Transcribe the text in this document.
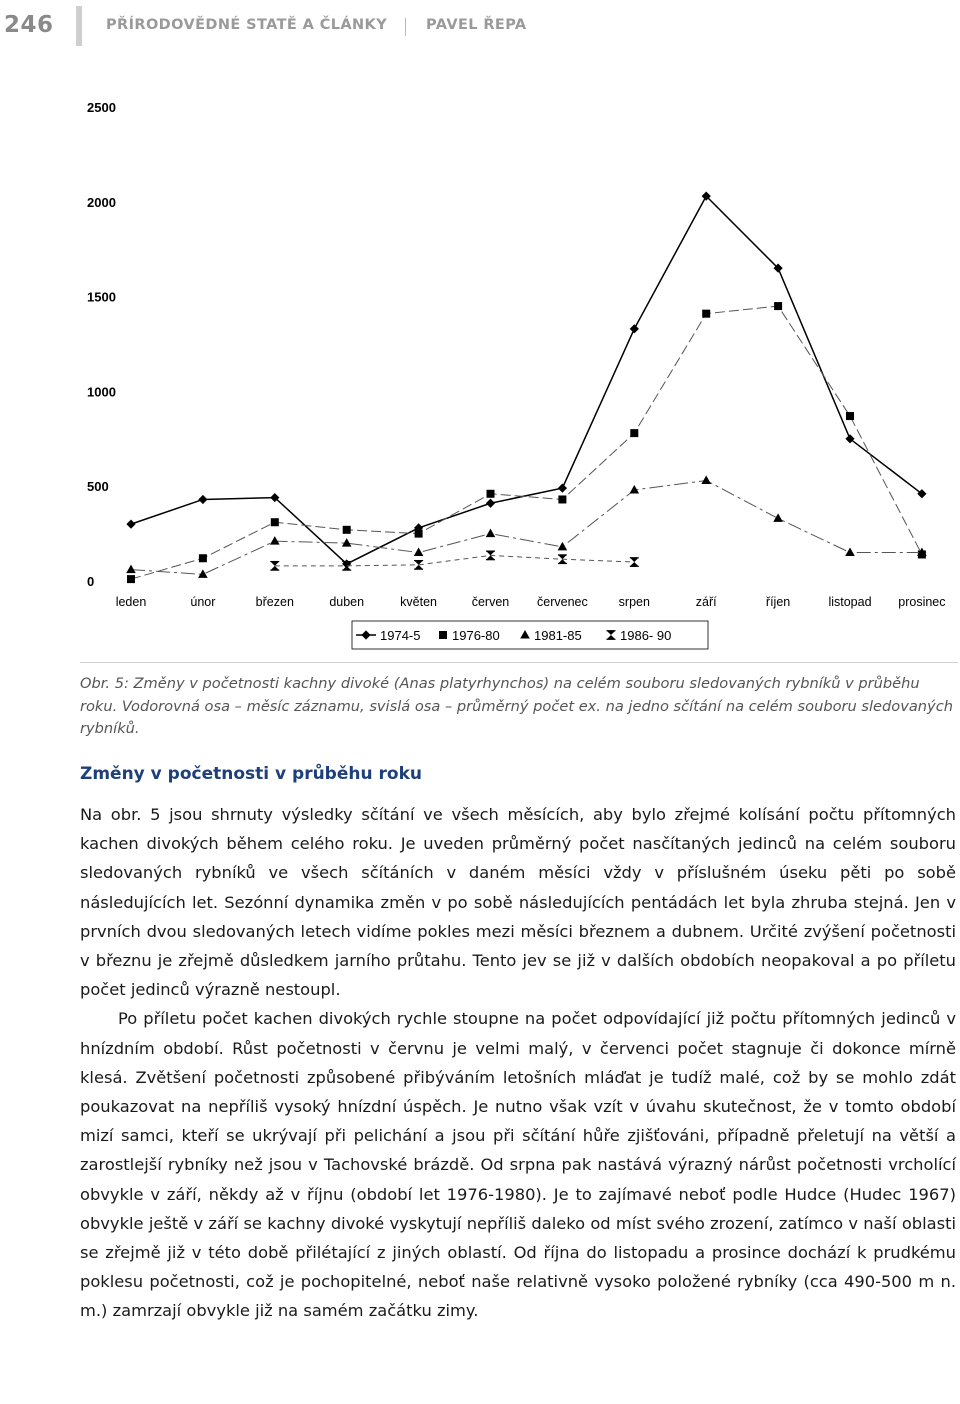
246	PŘÍRODOVĚDNÉ STATĚ A ČLÁNKY	PAVEL ŘEPA
0
500
1000
1500
2000
2500
leden	únor	březen	duben	květen	červen červenec srpen	září	říjen	listopad prosinec
1974-5 1976-80	1981-85	1986- 90
Obr. 5: Změny v početnosti kachny divoké (Anas platyrhynchos) na celém souboru sledovaných rybníků v průběhu roku. Vodorovná osa – měsíc záznamu, svislá osa – průměrný počet ex. na jedno sčítání na celém souboru sledovaných rybníků.
Změny v početnosti v průběhu roku

Na obr. 5 jsou shrnuty výsledky sčítání ve všech měsících, aby bylo zřejmé kolísání počtu přítomných kachen divokých během celého roku. Je uveden průměrný počet nasčítaných jedinců na celém souboru sledovaných rybníků ve všech sčítáních v daném měsíci vždy v příslušném úseku pěti po sobě následujících let. Sezónní dynamika změn v po sobě následujících pentádách let byla zhruba stejná. Jen v prvních dvou sledovaných letech vidíme pokles mezi měsíci březnem a dubnem. Určité zvýšení početnosti v březnu je zřejmě důsledkem jarního průtahu. Tento jev se již v dalších obdobích neopakoval a po příletu počet jedinců výrazně nestoupl.

Po příletu počet kachen divokých rychle stoupne na počet odpovídající již počtu přítomných jedinců v hnízdním období. Růst početnosti v červnu je velmi malý, v červenci počet stagnuje či dokonce mírně klesá. Zvětšení početnosti způsobené přibýváním letošních mláďat je tudíž malé, což by se mohlo zdát poukazovat na nepříliš vysoký hnízdní úspěch. Je nutno však vzít v úvahu skutečnost, že v tomto období mizí samci, kteří se ukrývají při pelichání a jsou při sčítání hůře zjišťováni, případně přeletují na větší a zarostlejší rybníky než jsou v Tachovské brázdě. Od srpna pak nastává výrazný nárůst početnosti vrcholící obvykle v září, někdy až v říjnu (období let 1976-1980). Je to zajímavé neboť podle Hudce (Hudec 1967) obvykle ještě v září se kachny divoké vyskytují nepříliš daleko od míst svého zrození, zatímco v naší oblasti se zřejmě již v této době přilétající z jiných oblastí. Od října do listopadu a prosince dochází k prudkému poklesu početnosti, což je pochopitelné, neboť naše relativně vysoko položené rybníky (cca 490-500 m n. m.) zamrzají obvykle již na samém začátku zimy.
